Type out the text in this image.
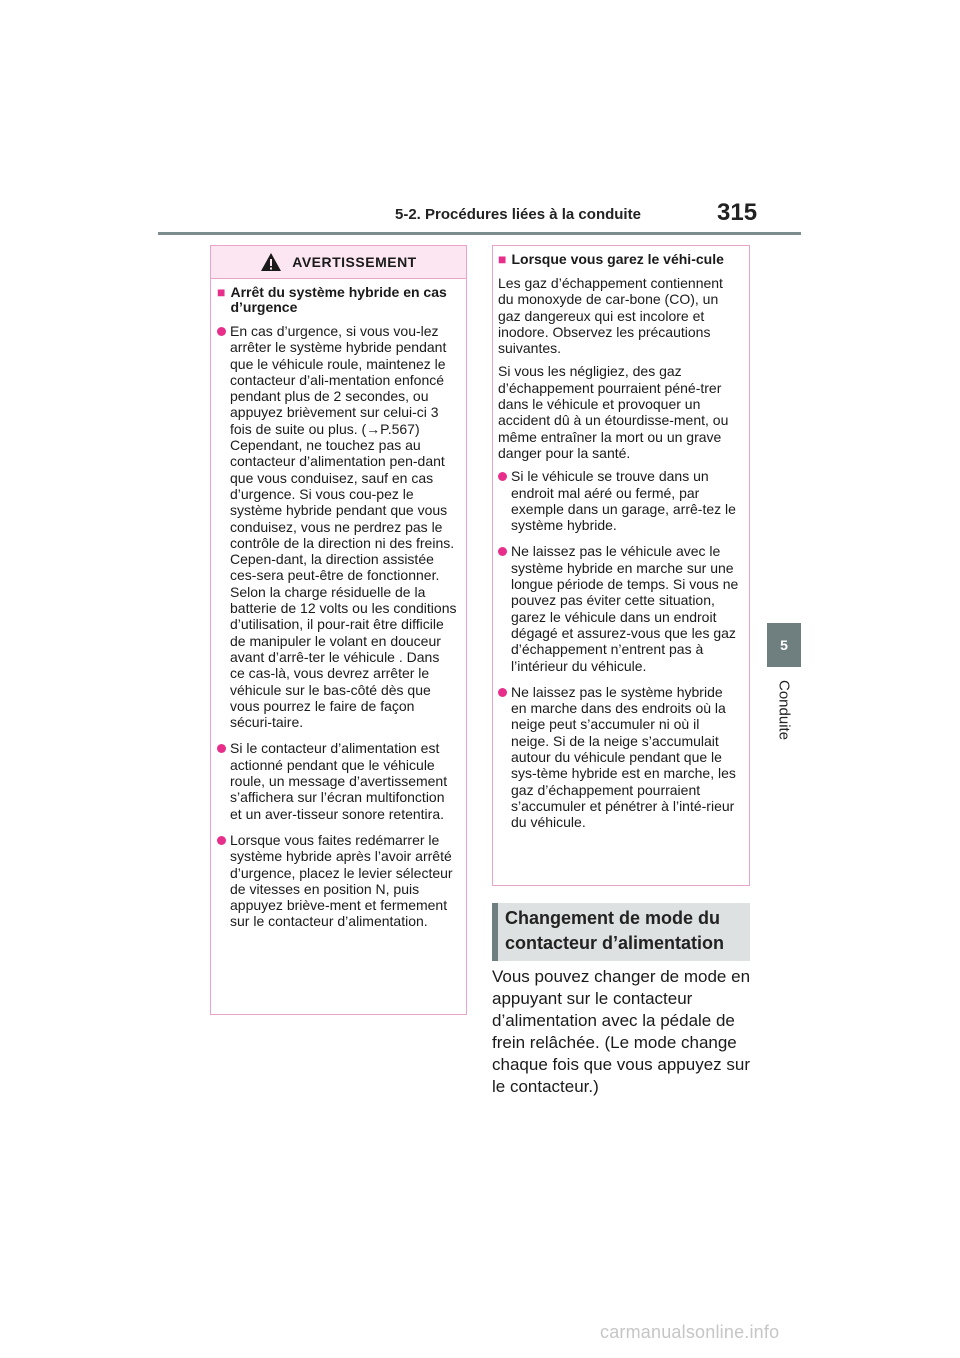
5-2. Procédures liées à la conduite	315
5
Conduite
AVERTISSEMENT
■ Arrêt du système hybride en cas d’urgence
En cas d’urgence, si vous vou-lez arrêter le système hybride pendant que le véhicule roule, maintenez le contacteur d’ali-mentation enfoncé pendant plus de 2 secondes, ou appuyez brièvement sur celui-ci 3 fois de suite ou plus. (→P.567) Cependant, ne touchez pas au contacteur d’alimentation pen-dant que vous conduisez, sauf en cas d’urgence. Si vous cou-pez le système hybride pendant que vous conduisez, vous ne perdrez pas le contrôle de la direction ni des freins. Cepen-dant, la direction assistée ces-sera peut-être de fonctionner. Selon la charge résiduelle de la batterie de 12 volts ou les conditions d’utilisation, il pour-rait être difficile de manipuler le volant en douceur avant d’arrê-ter le véhicule . Dans ce cas-là, vous devrez arrêter le véhicule sur le bas-côté dès que vous pourrez le faire de façon sécuri-taire.
Si le contacteur d’alimentation est actionné pendant que le véhicule roule, un message d’avertissement s’affichera sur l’écran multifonction et un aver-tisseur sonore retentira.
Lorsque vous faites redémarrer le système hybride après l’avoir arrêté d’urgence, placez le levier sélecteur de vitesses en position N, puis appuyez briève-ment et fermement sur le contacteur d’alimentation.
■ Lorsque vous garez le véhi-cule

Les gaz d’échappement contiennent du monoxyde de car-bone (CO), un gaz dangereux qui est incolore et inodore. Observez les précautions suivantes.

Si vous les négligiez, des gaz d’échappement pourraient péné-trer dans le véhicule et provoquer un accident dû à un étourdisse-ment, ou même entraîner la mort ou un grave danger pour la santé.

Si le véhicule se trouve dans un endroit mal aéré ou fermé, par exemple dans un garage, arrê-tez le système hybride.
Ne laissez pas le véhicule avec le système hybride en marche sur une longue période de temps. Si vous ne pouvez pas éviter cette situation, garez le véhicule dans un endroit dégagé et assurez-vous que les gaz d’échappement n’entrent pas à l’intérieur du véhicule.
Ne laissez pas le système hybride en marche dans des endroits où la neige peut s’accumuler ni où il neige. Si de la neige s’accumulait autour du véhicule pendant que le sys-tème hybride est en marche, les gaz d’échappement pourraient s’accumuler et pénétrer à l’inté-rieur du véhicule.
Changement de mode du contacteur d’alimentation
Vous pouvez changer de mode en appuyant sur le contacteur d’alimentation avec la pédale de frein relâchée. (Le mode change chaque fois que vous appuyez sur le contacteur.)
carmanualsonline.info
